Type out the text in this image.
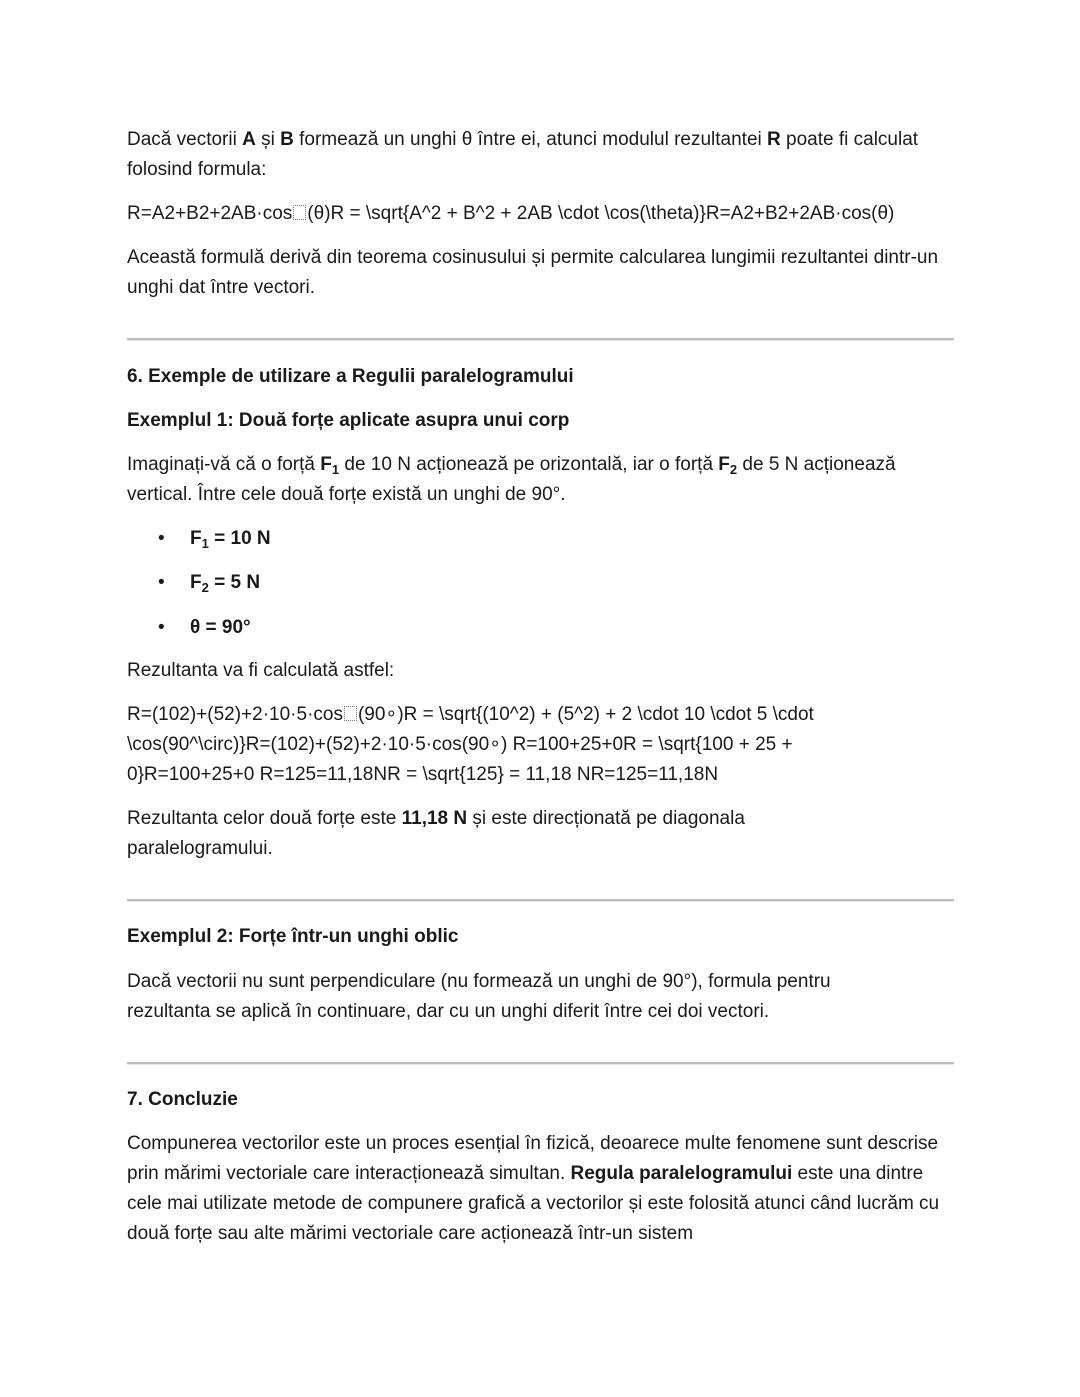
Dacă vectorii A și B formează un unghi θ între ei, atunci modulul rezultantei R poate fi calculat folosind formula:
R=A2+B2+2AB·cos (θ)R = \sqrt{A^2 + B^2 + 2AB \cdot \cos(\theta)}R=A2+B2+2AB·cos(θ)
Această formulă derivă din teorema cosinusului și permite calcularea lungimii rezultantei dintr-un unghi dat între vectori.
6. Exemple de utilizare a Regulii paralelogramului
Exemplul 1: Două forțe aplicate asupra unui corp
Imaginați-vă că o forță $F_1$ de 10 N acționează pe orizontală, iar o forță $F_2$ de 5 N acționează vertical. Între cele două forțe există un unghi de 90°.
• $F_1 = 10$ N
• $F_2 = 5$ N
• θ = 90°
Rezultanta va fi calculată astfel:
R=(102)+(52)+2·10·5·cos (90∘)R = \sqrt{(10^2) + (5^2) + 2 \cdot 10 \cdot 5 \cdot \cos(90^\circ)}R=(102)+(52)+2·10·5·cos(90∘) R=100+25+0R = \sqrt{100 + 25 + 0}R=100+25+0 R=125=11,18NR = \sqrt{125} = 11,18 NR=125=11,18N
Rezultanta celor două forțe este 11,18 N și este direcționată pe diagonala paralelogramului.
Exemplul 2: Forțe într-un unghi oblic
Dacă vectorii nu sunt perpendiculare (nu formează un unghi de 90°), formula pentru rezultanta se aplică în continuare, dar cu un unghi diferit între cei doi vectori.
7. Concluzie
Compunerea vectorilor este un proces esențial în fizică, deoarece multe fenomene sunt descrise prin mărimi vectoriale care interacționează simultan. Regula paralelogramului este una dintre cele mai utilizate metode de compunere grafică a vectorilor și este folosită atunci când lucrăm cu două forțe sau alte mărimi vectoriale care acționează într-un sistem
